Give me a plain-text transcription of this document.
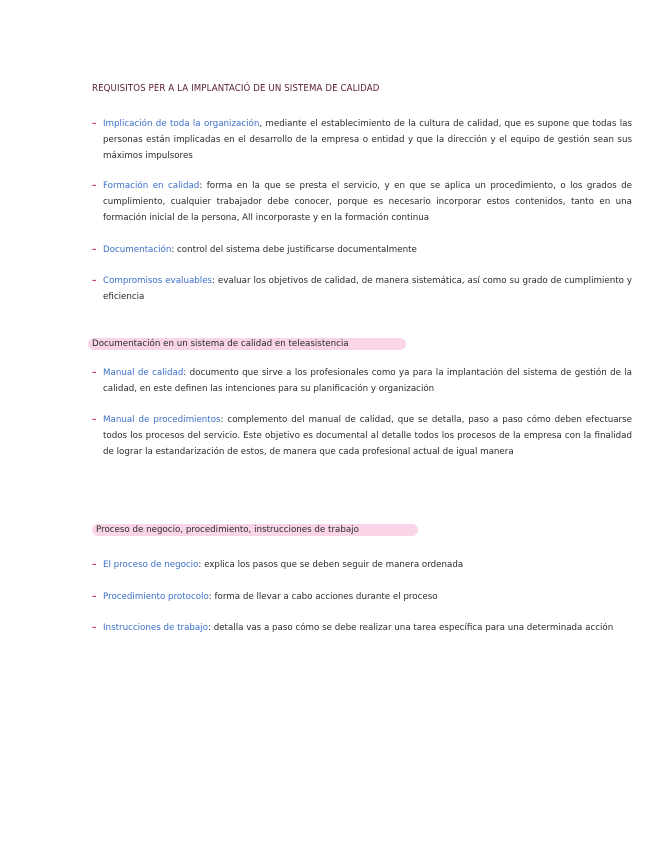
REQUISITOS PER A LA IMPLANTACIÓ DE UN SISTEMA DE CALIDAD
– Implicación de toda la organización, mediante el establecimiento de la cultura de calidad, que es supone que todas las personas están implicadas en el desarrollo de la empresa o entidad y que la dirección y el equipo de gestión sean sus máximos impulsores
– Formación en calidad: forma en la que se presta el servicio, y en que se aplica un procedimiento, o los grados de cumplimiento, cualquier trabajador debe conocer, porque es necesario incorporar estos contenidos, tanto en una formación inicial de la persona, All incorporaste y en la formación continua
– Documentación: control del sistema debe justificarse documentalmente
– Compromisos evaluables: evaluar los objetivos de calidad, de manera sistemática, así como su grado de cumplimiento y eficiencia
Documentación en un sistema de calidad en teleasistencia
– Manual de calidad: documento que sirve a los profesionales como ya para la implantación del sistema de gestión de la calidad, en este definen las intenciones para su planificación y organización
– Manual de procedimientos: complemento del manual de calidad, que se detalla, paso a paso cómo deben efectuarse todos los procesos del servicio. Este objetivo es documental al detalle todos los procesos de la empresa con la finalidad de lograr la estandarización de estos, de manera que cada profesional actual de igual manera
Proceso de negocio, procedimiento, instrucciones de trabajo
– El proceso de negocio: explica los pasos que se deben seguir de manera ordenada
– Procedimiento protocolo: forma de llevar a cabo acciones durante el proceso
– Instrucciones de trabajo: detalla vas a paso cómo se debe realizar una tarea específica para una determinada acción
